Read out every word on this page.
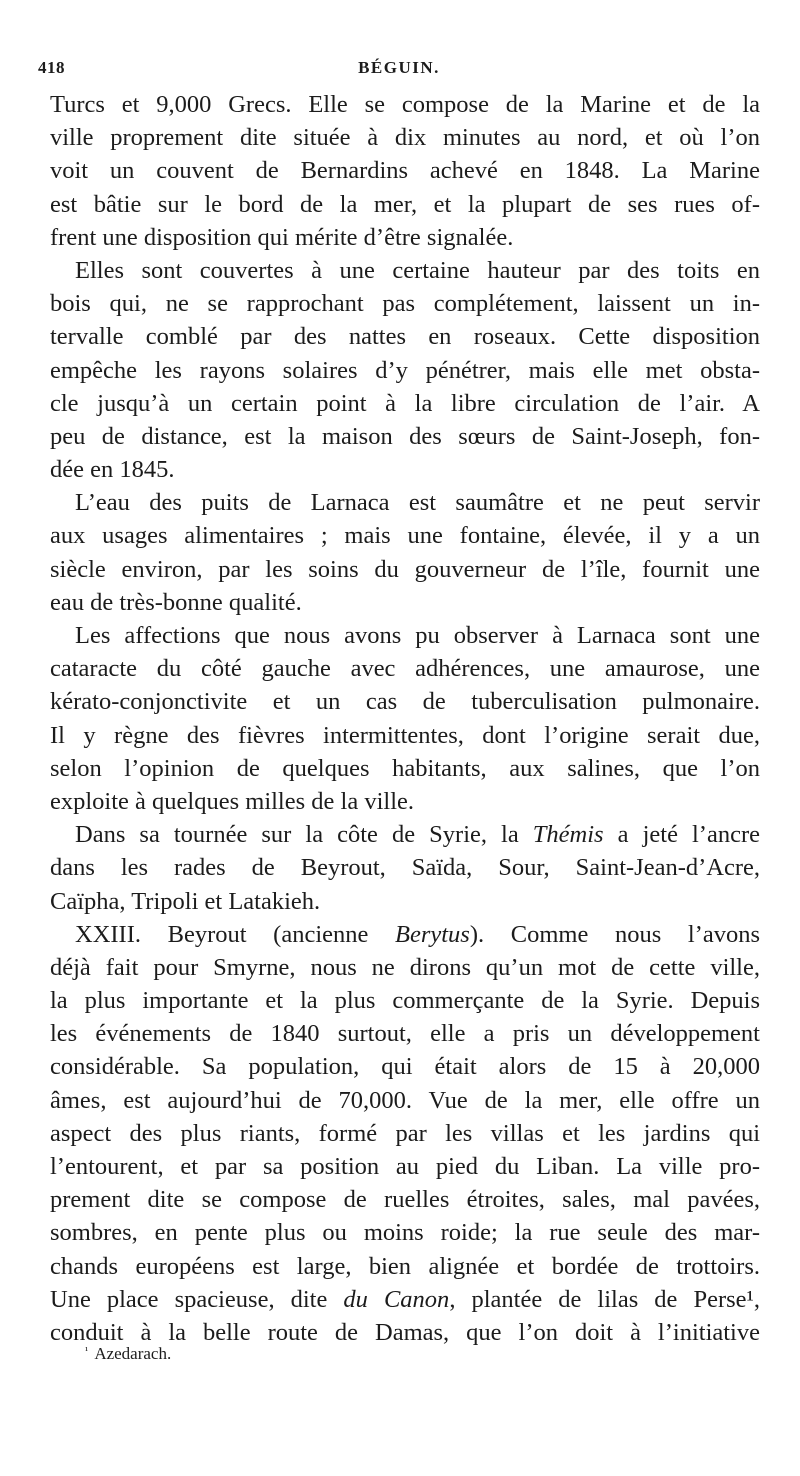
418	BÉGUIN.
Turcs et 9,000 Grecs. Elle se compose de la Marine et de la
ville proprement dite située à dix minutes au nord, et où l’on
voit un couvent de Bernardins achevé en 1848. La Marine
est bâtie sur le bord de la mer, et la plupart de ses rues of-
frent une disposition qui mérite d’être signalée.
Elles sont couvertes à une certaine hauteur par des toits en
bois qui, ne se rapprochant pas complétement, laissent un in-
tervalle comblé par des nattes en roseaux. Cette disposition
empêche les rayons solaires d’y pénétrer, mais elle met obsta-
cle jusqu’à un certain point à la libre circulation de l’air. A
peu de distance, est la maison des sœurs de Saint-Joseph, fon-
dée en 1845.
L’eau des puits de Larnaca est saumâtre et ne peut servir
aux usages alimentaires ; mais une fontaine, élevée, il y a un
siècle environ, par les soins du gouverneur de l’île, fournit une
eau de très-bonne qualité.
Les affections que nous avons pu observer à Larnaca sont une
cataracte du côté gauche avec adhérences, une amaurose, une
kérato-conjonctivite et un cas de tuberculisation pulmonaire.
Il y règne des fièvres intermittentes, dont l’origine serait due,
selon l’opinion de quelques habitants, aux salines, que l’on
exploite à quelques milles de la ville.
Dans sa tournée sur la côte de Syrie, la Thémis a jeté l’ancre
dans les rades de Beyrout, Saïda, Sour, Saint-Jean-d’Acre,
Caïpha, Tripoli et Latakieh.
XXIII. Beyrout (ancienne Berytus). Comme nous l’avons
déjà fait pour Smyrne, nous ne dirons qu’un mot de cette ville,
la plus importante et la plus commerçante de la Syrie. Depuis
les événements de 1840 surtout, elle a pris un développement
considérable. Sa population, qui était alors de 15 à 20,000
âmes, est aujourd’hui de 70,000. Vue de la mer, elle offre un
aspect des plus riants, formé par les villas et les jardins qui
l’entourent, et par sa position au pied du Liban. La ville pro-
prement dite se compose de ruelles étroites, sales, mal pavées,
sombres, en pente plus ou moins roide; la rue seule des mar-
chands européens est large, bien alignée et bordée de trottoirs.
Une place spacieuse, dite du Canon, plantée de lilas de Perse¹,
conduit à la belle route de Damas, que l’on doit à l’initiative
$^{^1}$ Azedarach.
